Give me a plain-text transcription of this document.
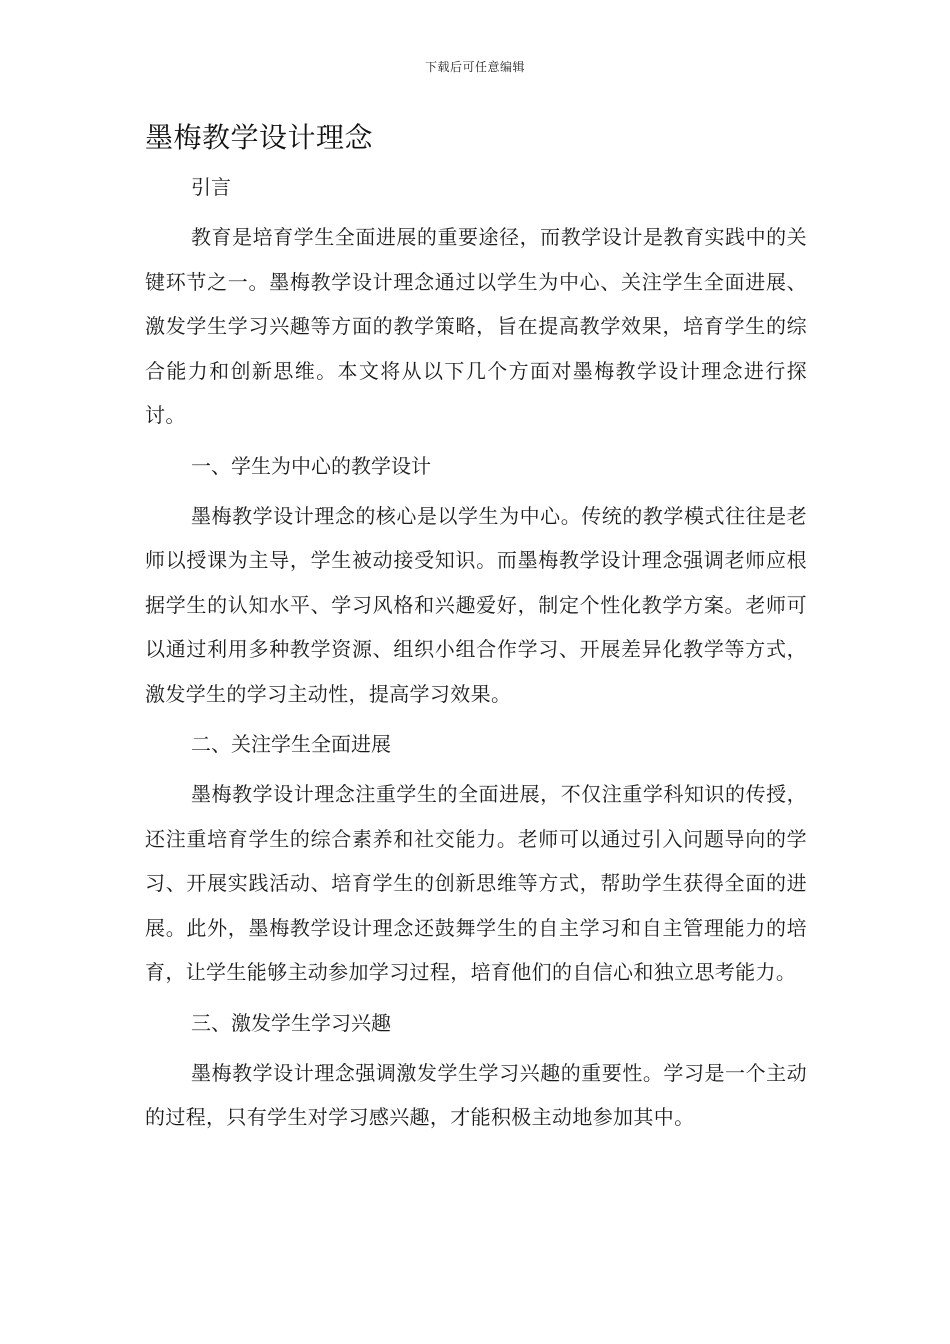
下载后可任意编辑
墨梅教学设计理念

引言

教育是培育学生全面进展的重要途径，而教学设计是教育实践中的关键环节之一。墨梅教学设计理念通过以学生为中心、关注学生全面进展、激发学生学习兴趣等方面的教学策略，旨在提高教学效果，培育学生的综合能力和创新思维。本文将从以下几个方面对墨梅教学设计理念进行探讨。

一、学生为中心的教学设计

墨梅教学设计理念的核心是以学生为中心。传统的教学模式往往是老师以授课为主导，学生被动接受知识。而墨梅教学设计理念强调老师应根据学生的认知水平、学习风格和兴趣爱好，制定个性化教学方案。老师可以通过利用多种教学资源、组织小组合作学习、开展差异化教学等方式，激发学生的学习主动性，提高学习效果。

二、关注学生全面进展

墨梅教学设计理念注重学生的全面进展，不仅注重学科知识的传授，还注重培育学生的综合素养和社交能力。老师可以通过引入问题导向的学习、开展实践活动、培育学生的创新思维等方式，帮助学生获得全面的进展。此外，墨梅教学设计理念还鼓舞学生的自主学习和自主管理能力的培育，让学生能够主动参加学习过程，培育他们的自信心和独立思考能力。

三、激发学生学习兴趣

墨梅教学设计理念强调激发学生学习兴趣的重要性。学习是一个主动的过程，只有学生对学习感兴趣，才能积极主动地参加其中。
